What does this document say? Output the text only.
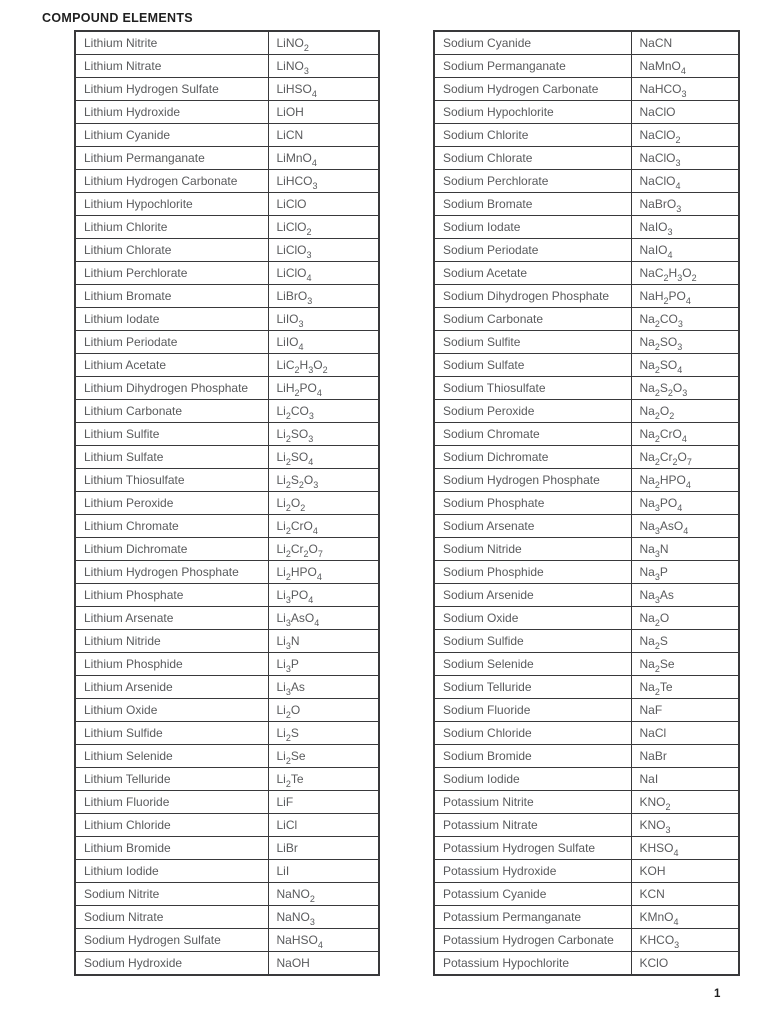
COMPOUND ELEMENTS
Lithium Nitrite	LiNO$_2$
Lithium Nitrate	LiNO$_3$
Lithium Hydrogen Sulfate	LiHSO$_4$
Lithium Hydroxide	LiOH
Lithium Cyanide	LiCN
Lithium Permanganate	LiMnO$_4$
Lithium Hydrogen Carbonate	LiHCO$_3$
Lithium Hypochlorite	LiClO
Lithium Chlorite	LiClO$_2$
Lithium Chlorate	LiClO$_3$
Lithium Perchlorate	LiClO$_4$
Lithium Bromate	LiBrO$_3$
Lithium Iodate	LiIO$_3$
Lithium Periodate	LiIO$_4$
Lithium Acetate	$LiC_2H_3O_2$
Lithium Dihydrogen Phosphate	$LiH_2PO_4$
Lithium Carbonate	$Li_2CO_3$
Lithium Sulfite	$Li_2SO_3$
Lithium Sulfate	$Li_2SO_4$
Lithium Thiosulfate	$Li_2S_2O_3$
Lithium Peroxide	$Li_2O_2$
Lithium Chromate	$Li_2CrO_4$
Lithium Dichromate	$Li_2Cr_2O_7$
Lithium Hydrogen Phosphate	$Li_2HPO_4$
Lithium Phosphate	$Li_3PO_4$
Lithium Arsenate	$Li_3AsO_4$
Lithium Nitride	$Li_3N$
Lithium Phosphide	$Li_3P$
Lithium Arsenide	$Li_3As$
Lithium Oxide	$Li_2O$
Lithium Sulfide	$Li_2S$
Lithium Selenide	$Li_2Se$
Lithium Telluride	$Li_2Te$
Lithium Fluoride	LiF
Lithium Chloride	LiCl
Lithium Bromide	LiBr
Lithium Iodide	LiI
Sodium Nitrite	NaNO$_2$
Sodium Nitrate	NaNO$_3$
Sodium Hydrogen Sulfate	NaHSO$_4$
Sodium Hydroxide	NaOH
Sodium Cyanide	NaCN
Sodium Permanganate	NaMnO$_4$
Sodium Hydrogen Carbonate	NaHCO$_3$
Sodium Hypochlorite	NaClO
Sodium Chlorite	NaClO$_2$
Sodium Chlorate	NaClO$_3$
Sodium Perchlorate	NaClO$_4$
Sodium Bromate	NaBrO$_3$
Sodium Iodate	NaIO$_3$
Sodium Periodate	NaIO$_4$
Sodium Acetate	$NaC_2H_3O_2$
Sodium Dihydrogen Phosphate	$NaH_2PO_4$
Sodium Carbonate	$Na_2CO_3$
Sodium Sulfite	$Na_2SO_3$
Sodium Sulfate	$Na_2SO_4$
Sodium Thiosulfate	$Na_2S_2O_3$
Sodium Peroxide	$Na_2O_2$
Sodium Chromate	$Na_2CrO_4$
Sodium Dichromate	$Na_2Cr_2O_7$
Sodium Hydrogen Phosphate	$Na_2HPO_4$
Sodium Phosphate	$Na_3PO_4$
Sodium Arsenate	$Na_3AsO_4$
Sodium Nitride	$Na_3N$
Sodium Phosphide	$Na_3P$
Sodium Arsenide	$Na_3As$
Sodium Oxide	$Na_2O$
Sodium Sulfide	$Na_2S$
Sodium Selenide	$Na_2Se$
Sodium Telluride	$Na_2Te$
Sodium Fluoride	NaF
Sodium Chloride	NaCl
Sodium Bromide	NaBr
Sodium Iodide	NaI
Potassium Nitrite	$KNO_2$
Potassium Nitrate	$KNO_3$
Potassium Hydrogen Sulfate	$KHSO_4$
Potassium Hydroxide	KOH
Potassium Cyanide	KCN
Potassium Permanganate	KMnO$_4$
Potassium Hydrogen Carbonate	$KHCO_3$
Potassium Hypochlorite	KClO
1
